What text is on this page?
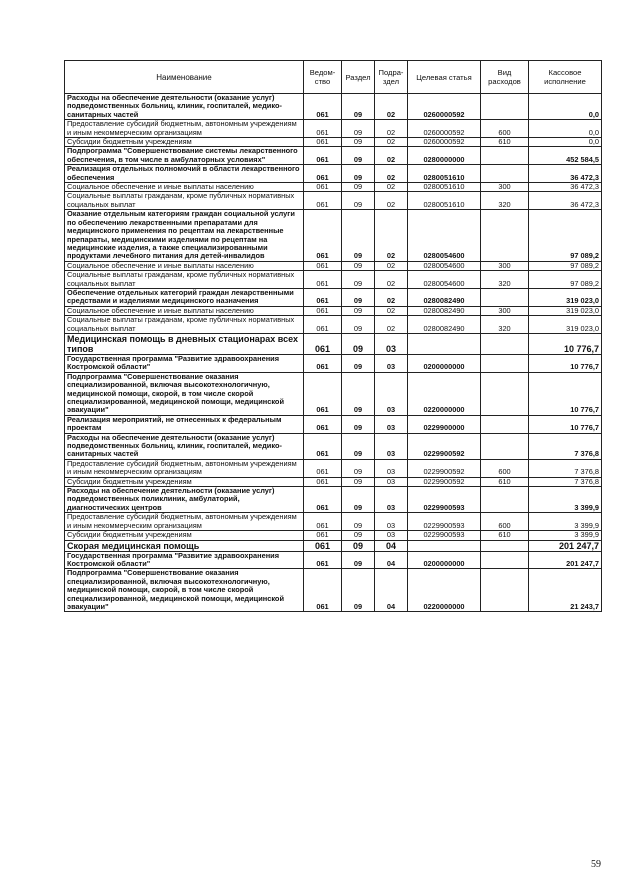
Наименование	Ведом-ство	Раздел	Подра-здел	Целевая статья	Вид расходов	Кассовое исполнение
Расходы на обеспечение деятельности (оказание услуг) подведомственных больниц, клиник, госпиталей, медико-санитарных частей	061	09	02	0260000592		0,0
Предоставление субсидий бюджетным, автономным учреждениям и иным некоммерческим организациям	061	09	02	0260000592	600	0,0
Субсидии бюджетным учреждениям	061	09	02	0260000592	610	0,0
Подпрограмма "Совершенствование системы лекарственного обеспечения, в том числе в амбулаторных условиях"	061	09	02	0280000000		452 584,5
Реализация отдельных полномочий в области лекарственного обеспечения	061	09	02	0280051610		36 472,3
Социальное обеспечение и иные выплаты населению	061	09	02	0280051610	300	36 472,3
Социальные выплаты гражданам, кроме публичных нормативных социальных выплат	061	09	02	0280051610	320	36 472,3
Оказание отдельным категориям граждан социальной услуги по обеспечению лекарственными препаратами для медицинского применения по рецептам на лекарственные препараты, медицинскими изделиями по рецептам на медицинские изделия, а также специализированными продуктами лечебного питания для детей-инвалидов	061	09	02	0280054600		97 089,2
Социальное обеспечение и иные выплаты населению	061	09	02	0280054600	300	97 089,2
Социальные выплаты гражданам, кроме публичных нормативных социальных выплат	061	09	02	0280054600	320	97 089,2
Обеспечение отдельных категорий граждан лекарственными средствами и изделиями медицинского назначения	061	09	02	0280082490		319 023,0
Социальное обеспечение и иные выплаты населению	061	09	02	0280082490	300	319 023,0
Социальные выплаты гражданам, кроме публичных нормативных социальных выплат	061	09	02	0280082490	320	319 023,0
Медицинская помощь в дневных стационарах всех типов	061	09	03			10 776,7
Государственная программа "Развитие здравоохранения Костромской области"	061	09	03	0200000000		10 776,7
Подпрограмма "Совершенствование оказания специализированной, включая высокотехнологичную, медицинской помощи, скорой, в том числе скорой специализированной, медицинской помощи, медицинской эвакуации"	061	09	03	0220000000		10 776,7
Реализация мероприятий, не отнесенных к федеральным проектам	061	09	03	0229900000		10 776,7
Расходы на обеспечение деятельности (оказание услуг) подведомственных больниц, клиник, госпиталей, медико-санитарных частей	061	09	03	0229900592		7 376,8
Предоставление субсидий бюджетным, автономным учреждениям и иным некоммерческим организациям	061	09	03	0229900592	600	7 376,8
Субсидии бюджетным учреждениям	061	09	03	0229900592	610	7 376,8
Расходы на обеспечение деятельности (оказание услуг) подведомственных поликлиник, амбулаторий, диагностических центров	061	09	03	0229900593		3 399,9
Предоставление субсидий бюджетным, автономным учреждениям и иным некоммерческим организациям	061	09	03	0229900593	600	3 399,9
Субсидии бюджетным учреждениям	061	09	03	0229900593	610	3 399,9
Скорая медицинская помощь	061	09	04			201 247,7
Государственная программа "Развитие здравоохранения Костромской области"	061	09	04	0200000000		201 247,7
Подпрограмма "Совершенствование оказания специализированной, включая высокотехнологичную, медицинской помощи, скорой, в том числе скорой специализированной, медицинской помощи, медицинской эвакуации"	061	09	04	0220000000		21 243,7
59
